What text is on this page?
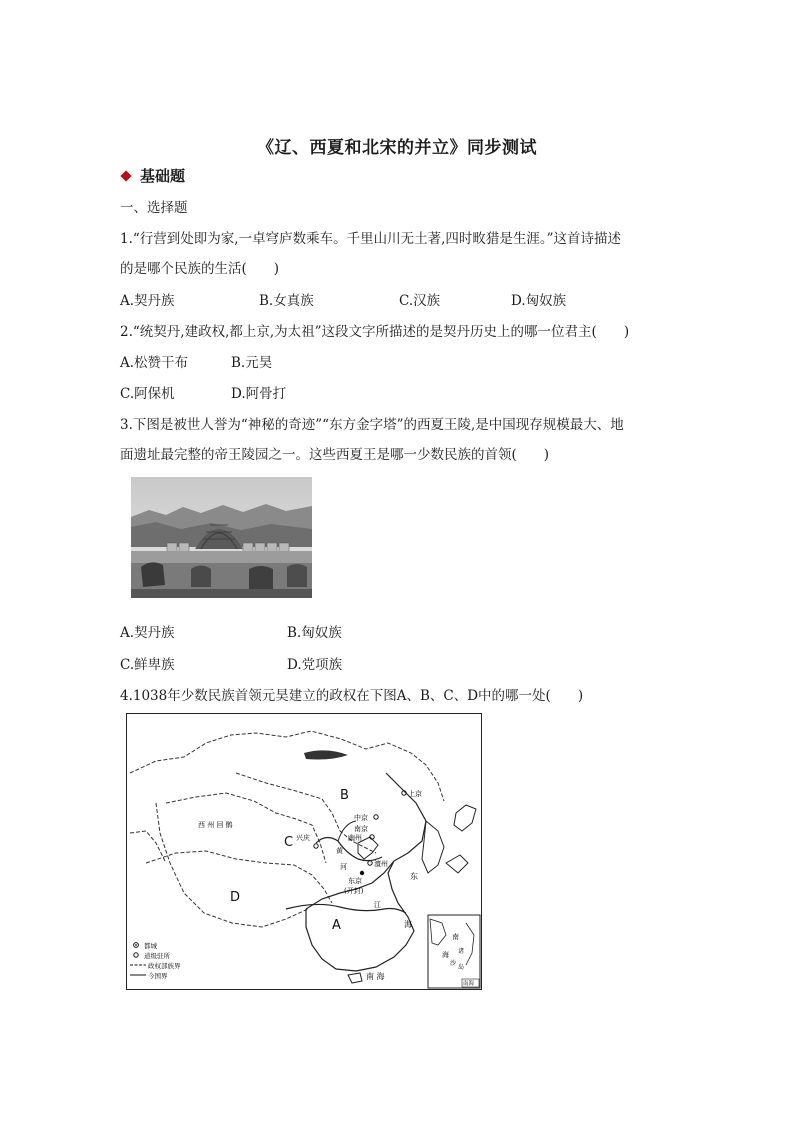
《辽、西夏和北宋的并立》同步测试
基础题
一、选择题
1.“行营到处即为家,一卓穹庐数乘车。千里山川无土著,四时畋猎是生涯。”这首诗描述
的是哪个民族的生活(　　)
A.契丹族	B.女真族	C.汉族	D.匈奴族
2.“统契丹,建政权,都上京,为太祖”这段文字所描述的是契丹历史上的哪一位君主(　　)
A.松赞干布	B.元昊
C.阿保机	D.阿骨打
3.下图是被世人誉为“神秘的奇迹”“东方金字塔”的西夏王陵,是中国现存规模最大、地
面遗址最完整的帝王陵园之一。这些西夏王是哪一少数民族的首领(　　)
A.契丹族	B.匈奴族
C.鲜卑族	D.党项族
4.1038年少数民族首领元昊建立的政权在下图A、B、C、D中的哪一处(　　)
A
B
C
D
上京
中京
南京
幽州
兴庆
西 州 回 鹘
黄
河	澶州
东京
(开封)
东
海
江
南 海
南
海 诸
沙
岛
南海
都城
道级驻所
政权部族界
今国界
